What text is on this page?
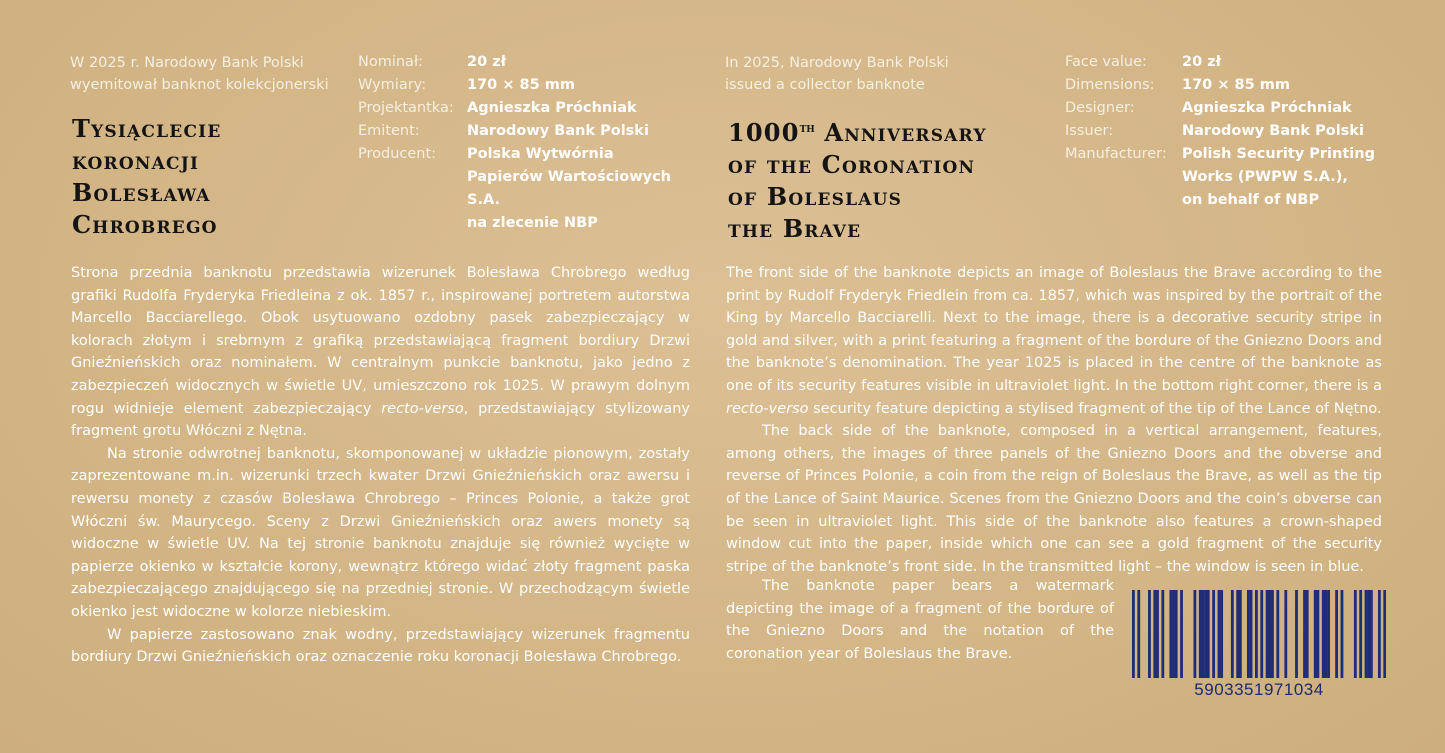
W 2025 r. Narodowy Bank Polski
wyemitował banknot kolekcjonerski
Tysiąclecie
koronacji
Bolesława
Chrobrego
Nominał:	20 zł
Wymiary:	170 × 85 mm
Projektantka: Agnieszka Próchniak
Emitent:	Narodowy Bank Polski
Producent:	Polska Wytwórnia
Papierów Wartościowych S.A.
na zlecenie NBP

Strona przednia banknotu przedstawia wizerunek Bolesława Chrobrego według grafiki Rudolfa Fryderyka Friedleina z ok. 1857 r., inspirowanej portretem autorstwa Marcello Bacciarellego. Obok usytuowano ozdobny pasek zabezpieczający w kolorach złotym i srebrnym z grafiką przedstawiającą fragment bordiury Drzwi Gnieźnieńskich oraz nominałem. W centralnym punkcie banknotu, jako jedno z zabezpieczeń widocznych w świetle UV, umieszczono rok 1025. W prawym dolnym rogu widnieje element zabezpieczający recto-verso, przedstawiający stylizowany fragment grotu Włóczni z Nętna.

Na stronie odwrotnej banknotu, skomponowanej w układzie pionowym, zostały zaprezentowane m.in. wizerunki trzech kwater Drzwi Gnieźnieńskich oraz awersu i rewersu monety z czasów Bolesława Chrobrego – Princes Polonie, a także grot Włóczni św. Maurycego. Sceny z Drzwi Gnieźnieńskich oraz awers monety są widoczne w świetle UV. Na tej stronie banknotu znajduje się również wycięte w papierze okienko w kształcie korony, wewnątrz którego widać złoty fragment paska zabezpieczającego znajdującego się na przedniej stronie. W przechodzącym świetle okienko jest widoczne w kolorze niebieskim.

W papierze zastosowano znak wodny, przedstawiający wizerunek fragmentu bordiury Drzwi Gnieźnieńskich oraz oznaczenie roku koronacji Bolesława Chrobrego.

In 2025, Narodowy Bank Polski
issued a collector banknote
1000th Anniversary
of the Coronation
of Boleslaus
the Brave
Face value:	20 zł
Dimensions:	170 × 85 mm
Designer:	Agnieszka Próchniak
Issuer:	Narodowy Bank Polski
Manufacturer:	Polish Security Printing
Works (PWPW S.A.),
on behalf of NBP

The front side of the banknote depicts an image of Boleslaus the Brave according to the print by Rudolf Fryderyk Friedlein from ca. 1857, which was inspired by the portrait of the King by Marcello Bacciarelli. Next to the image, there is a decorative security stripe in gold and silver, with a print featuring a fragment of the bordure of the Gniezno Doors and the banknote’s denomination. The year 1025 is placed in the centre of the banknote as one of its security features visible in ultraviolet light. In the bottom right corner, there is a recto-verso security feature depicting a stylised fragment of the tip of the Lance of Nętno.

The back side of the banknote, composed in a vertical arrangement, features, among others, the images of three panels of the Gniezno Doors and the obverse and reverse of Princes Polonie, a coin from the reign of Boleslaus the Brave, as well as the tip of the Lance of Saint Maurice. Scenes from the Gniezno Doors and the coin’s obverse can be seen in ultraviolet light. This side of the banknote also features a crown-shaped window cut into the paper, inside which one can see a gold fragment of the security stripe of the banknote’s front side. In the transmitted light – the window is seen in blue.

The banknote paper bears a watermark depicting the image of a fragment of the bordure of the Gniezno Doors and the notation of the coronation year of Boleslaus the Brave.

5903351971034
